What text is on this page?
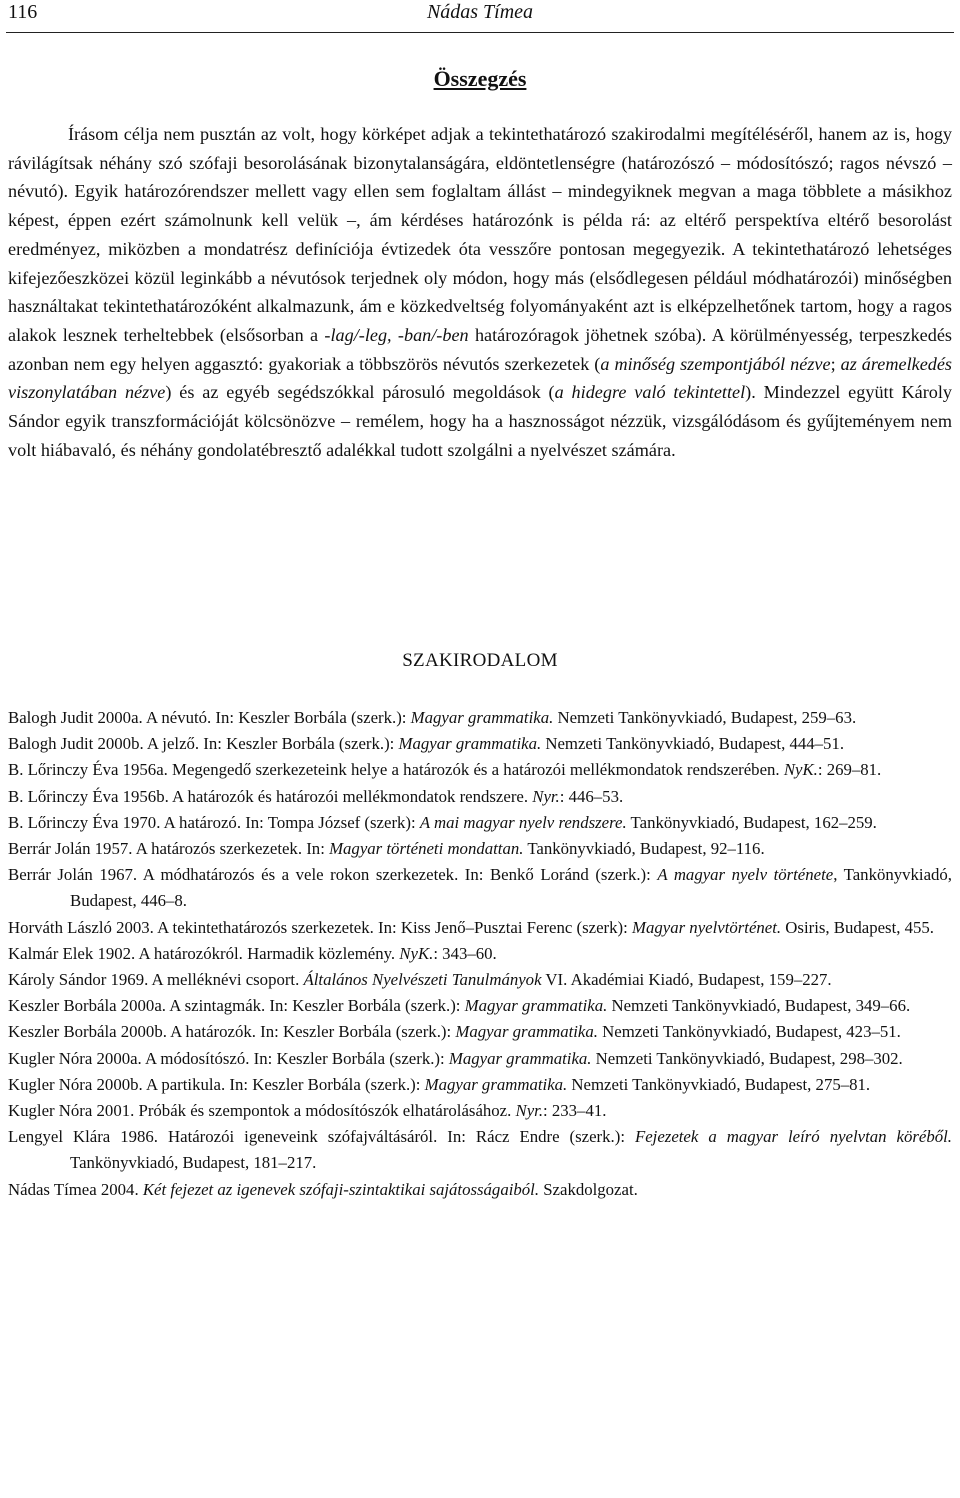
116	Nádas Tímea
Összegzés

Írásom célja nem pusztán az volt, hogy körképet adjak a tekintethatározó szakirodalmi megítéléséről, hanem az is, hogy rávilágítsak néhány szó szófaji besorolásának bizonytalanságára, eldöntetlenségre (határozószó – módosítószó; ragos névszó – névutó). Egyik határozórendszer mellett vagy ellen sem foglaltam állást – mindegyiknek megvan a maga többlete a másikhoz képest, éppen ezért számolnunk kell velük –, ám kérdéses határozónk is példa rá: az eltérő perspektíva eltérő besorolást eredményez, miközben a mondatrész definíciója évtizedek óta vesszőre pontosan megegyezik. A tekintethatározó lehetséges kifejezőeszközei közül leginkább a névutósok terjednek oly módon, hogy más (elsődlegesen például módhatározói) minőségben használtakat tekintethatározóként alkalmazunk, ám e közkedveltség folyományaként azt is elképzelhetőnek tartom, hogy a ragos alakok lesznek terheltebbek (elsősorban a -lag/-leg, -ban/-ben határozóragok jöhetnek szóba). A körülményesség, terpeszkedés azonban nem egy helyen aggasztó: gyakoriak a többszörös névutós szerkezetek (a minőség szempontjából nézve; az áremelkedés viszonylatában nézve) és az egyéb segédszókkal párosuló megoldások (a hidegre való tekintettel). Mindezzel együtt Károly Sándor egyik transzformációját kölcsönözve – remélem, hogy ha a hasznosságot nézzük, vizsgálódásom és gyűjteményem nem volt hiábavaló, és néhány gondolatébresztő adalékkal tudott szolgálni a nyelvészet számára.

SZAKIRODALOM
Balogh Judit 2000a. A névutó. In: Keszler Borbála (szerk.): Magyar grammatika. Nemzeti Tankönyvkiadó, Budapest, 259–63.
Balogh Judit 2000b. A jelző. In: Keszler Borbála (szerk.): Magyar grammatika. Nemzeti Tankönyvkiadó, Budapest, 444–51.
B. Lőrinczy Éva 1956a. Megengedő szerkezeteink helye a határozók és a határozói mellékmondatok rendszerében. NyK.: 269–81.
B. Lőrinczy Éva 1956b. A határozók és határozói mellékmondatok rendszere. Nyr.: 446–53.
B. Lőrinczy Éva 1970. A határozó. In: Tompa József (szerk): A mai magyar nyelv rendszere. Tankönyvkiadó, Budapest, 162–259.
Berrár Jolán 1957. A határozós szerkezetek. In: Magyar történeti mondattan. Tankönyvkiadó, Budapest, 92–116.
Berrár Jolán 1967. A módhatározós és a vele rokon szerkezetek. In: Benkő Loránd (szerk.): A magyar nyelv története, Tankönyvkiadó, Budapest, 446–8.
Horváth László 2003. A tekintethatározós szerkezetek. In: Kiss Jenő–Pusztai Ferenc (szerk): Magyar nyelvtörténet. Osiris, Budapest, 455.
Kalmár Elek 1902. A határozókról. Harmadik közlemény. NyK.: 343–60.
Károly Sándor 1969. A melléknévi csoport. Általános Nyelvészeti Tanulmányok VI. Akadémiai Kiadó, Budapest, 159–227.
Keszler Borbála 2000a. A szintagmák. In: Keszler Borbála (szerk.): Magyar grammatika. Nemzeti Tankönyvkiadó, Budapest, 349–66.
Keszler Borbála 2000b. A határozók. In: Keszler Borbála (szerk.): Magyar grammatika. Nemzeti Tankönyvkiadó, Budapest, 423–51.
Kugler Nóra 2000a. A módosítószó. In: Keszler Borbála (szerk.): Magyar grammatika. Nemzeti Tankönyvkiadó, Budapest, 298–302.
Kugler Nóra 2000b. A partikula. In: Keszler Borbála (szerk.): Magyar grammatika. Nemzeti Tankönyvkiadó, Budapest, 275–81.
Kugler Nóra 2001. Próbák és szempontok a módosítószók elhatárolásához. Nyr.: 233–41.
Lengyel Klára 1986. Határozói igeneveink szófajváltásáról. In: Rácz Endre (szerk.): Fejezetek a magyar leíró nyelvtan köréből. Tankönyvkiadó, Budapest, 181–217.
Nádas Tímea 2004. Két fejezet az igenevek szófaji-szintaktikai sajátosságaiból. Szakdolgozat.
